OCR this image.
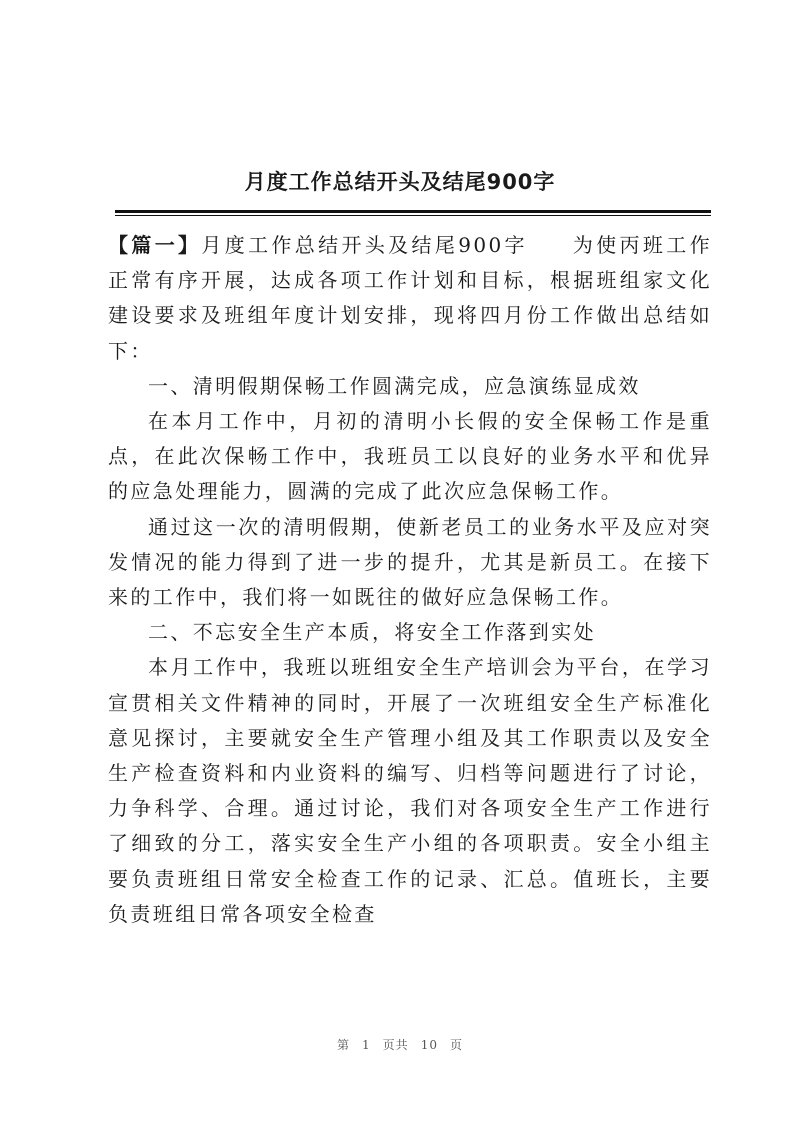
月度工作总结开头及结尾900字

【篇一】月度工作总结开头及结尾900字 为使丙班工作正常有序开展，达成各项工作计划和目标，根据班组家文化建设要求及班组年度计划安排，现将四月份工作做出总结如下：

一、清明假期保畅工作圆满完成，应急演练显成效

在本月工作中，月初的清明小长假的安全保畅工作是重点，在此次保畅工作中，我班员工以良好的业务水平和优异的应急处理能力，圆满的完成了此次应急保畅工作。

通过这一次的清明假期，使新老员工的业务水平及应对突发情况的能力得到了进一步的提升，尤其是新员工。在接下来的工作中，我们将一如既往的做好应急保畅工作。

二、不忘安全生产本质，将安全工作落到实处

本月工作中，我班以班组安全生产培训会为平台，在学习宣贯相关文件精神的同时，开展了一次班组安全生产标准化意见探讨，主要就安全生产管理小组及其工作职责以及安全生产检查资料和内业资料的编写、归档等问题进行了讨论，力争科学、合理。通过讨论，我们对各项安全生产工作进行了细致的分工，落实安全生产小组的各项职责。安全小组主要负责班组日常安全检查工作的记录、汇总。值班长，主要负责班组日常各项安全检查

第 1 页共 10 页
